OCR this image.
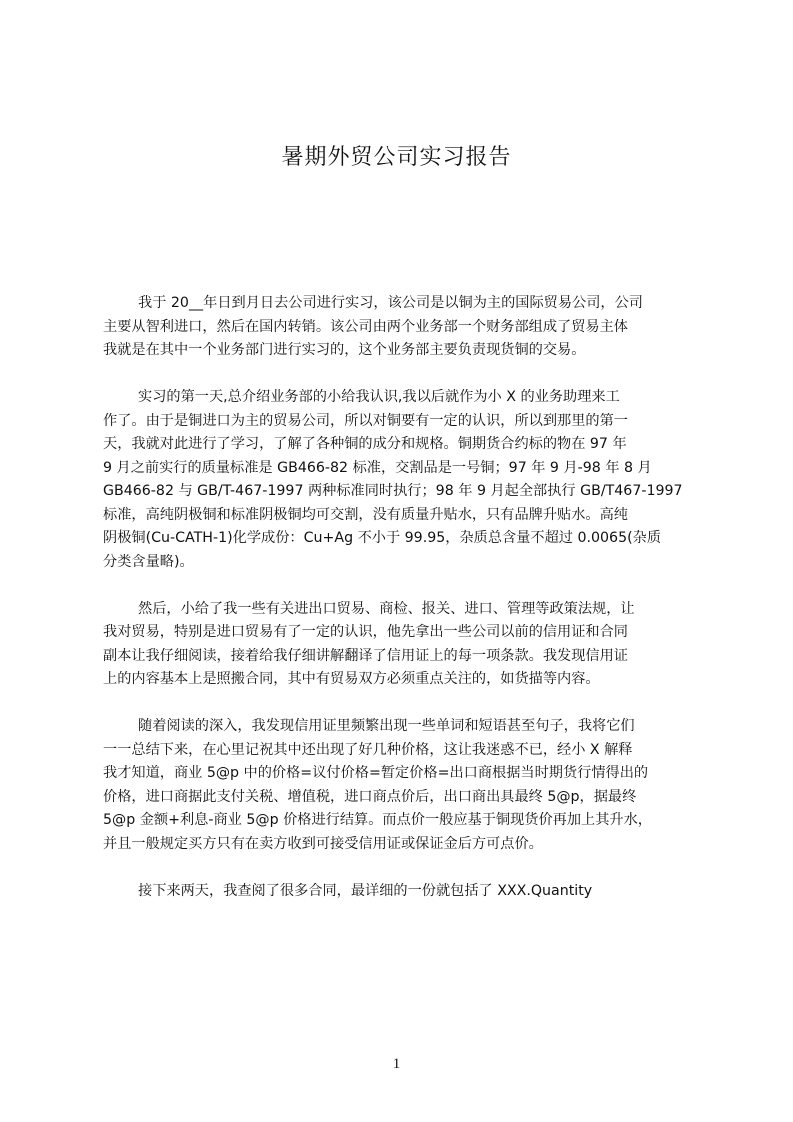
暑期外贸公司实习报告
我于 20__年日到月日去公司进行实习，该公司是以铜为主的国际贸易公司，公司
主要从智利进口，然后在国内转销。该公司由两个业务部一个财务部组成了贸易主体
我就是在其中一个业务部门进行实习的，这个业务部主要负责现货铜的交易。
实习的第一天,总介绍业务部的小给我认识,我以后就作为小 X 的业务助理来工
作了。由于是铜进口为主的贸易公司，所以对铜要有一定的认识，所以到那里的第一
天，我就对此进行了学习，了解了各种铜的成分和规格。铜期货合约标的物在 97 年
9 月之前实行的质量标准是 GB466-82 标准，交割品是一号铜；97 年 9 月-98 年 8 月
GB466-82 与 GB/T-467-1997 两种标准同时执行；98 年 9 月起全部执行 GB/T467-1997
标准，高纯阴极铜和标准阴极铜均可交割，没有质量升贴水，只有品牌升贴水。高纯
阴极铜(Cu-CATH-1)化学成份：Cu+Ag 不小于 99.95，杂质总含量不超过 0.0065(杂质
分类含量略)。
然后，小给了我一些有关进出口贸易、商检、报关、进口、管理等政策法规，让
我对贸易，特别是进口贸易有了一定的认识，他先拿出一些公司以前的信用证和合同
副本让我仔细阅读，接着给我仔细讲解翻译了信用证上的每一项条款。我发现信用证
上的内容基本上是照搬合同，其中有贸易双方必须重点关注的，如货描等内容。
随着阅读的深入，我发现信用证里频繁出现一些单词和短语甚至句子，我将它们
一一总结下来，在心里记祝其中还出现了好几种价格，这让我迷惑不已，经小 X 解释
我才知道，商业 5@p 中的价格=议付价格=暂定价格=出口商根据当时期货行情得出的
价格，进口商据此支付关税、增值税，进口商点价后，出口商出具最终 5@p，据最终
5@p 金额+利息-商业 5@p 价格进行结算。而点价一般应基于铜现货价再加上其升水，
并且一般规定买方只有在卖方收到可接受信用证或保证金后方可点价。
接下来两天，我查阅了很多合同，最详细的一份就包括了 XXX.Quantity
1
